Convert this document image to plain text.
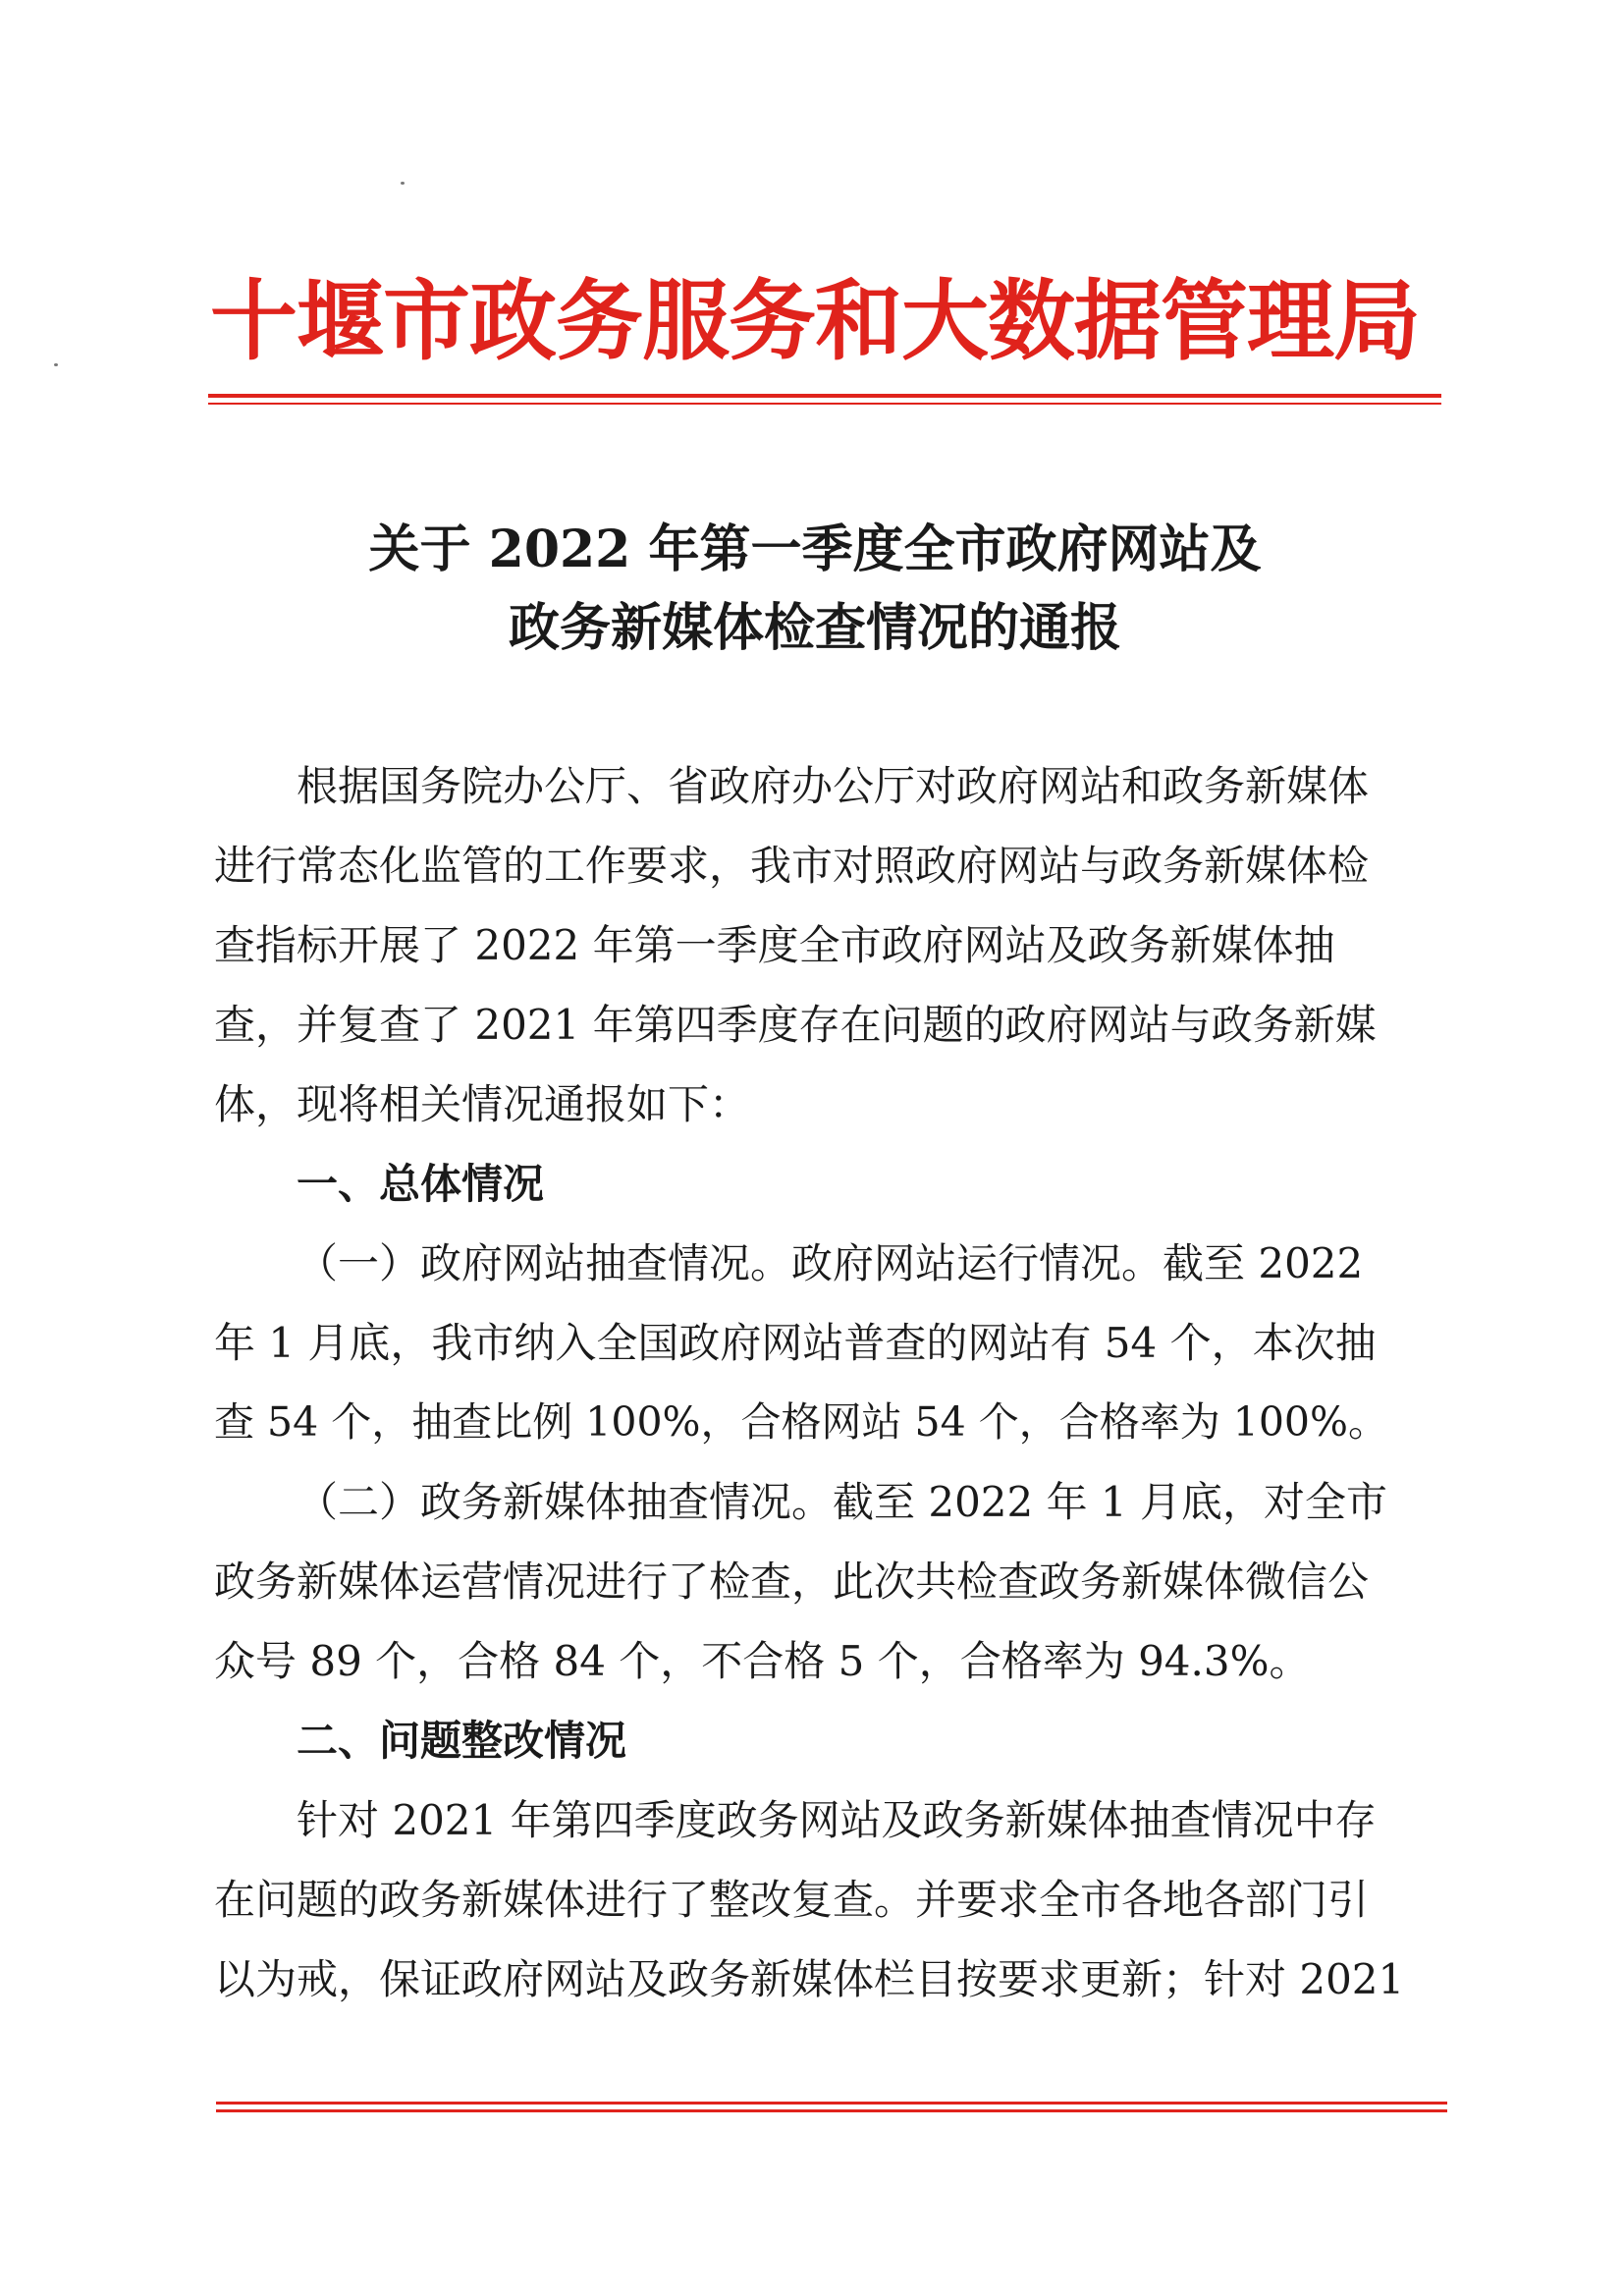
十堰市政务服务和大数据管理局
关于 2022 年第一季度全市政府网站及
政务新媒体检查情况的通报
根据国务院办公厅、省政府办公厅对政府网站和政务新媒体
进行常态化监管的工作要求，我市对照政府网站与政务新媒体检
查指标开展了 2022 年第一季度全市政府网站及政务新媒体抽
查，并复查了 2021 年第四季度存在问题的政府网站与政务新媒
体，现将相关情况通报如下：
一、总体情况
（一）政府网站抽查情况。政府网站运行情况。截至 2022
年 1 月底，我市纳入全国政府网站普查的网站有 54 个，本次抽
查 54 个，抽查比例 100%，合格网站 54 个，合格率为 100%。
（二）政务新媒体抽查情况。截至 2022 年 1 月底，对全市
政务新媒体运营情况进行了检查，此次共检查政务新媒体微信公
众号 89 个，合格 84 个，不合格 5 个，合格率为 94.3%。
二、问题整改情况
针对 2021 年第四季度政务网站及政务新媒体抽查情况中存
在问题的政务新媒体进行了整改复查。并要求全市各地各部门引
以为戒，保证政府网站及政务新媒体栏目按要求更新；针对 2021
